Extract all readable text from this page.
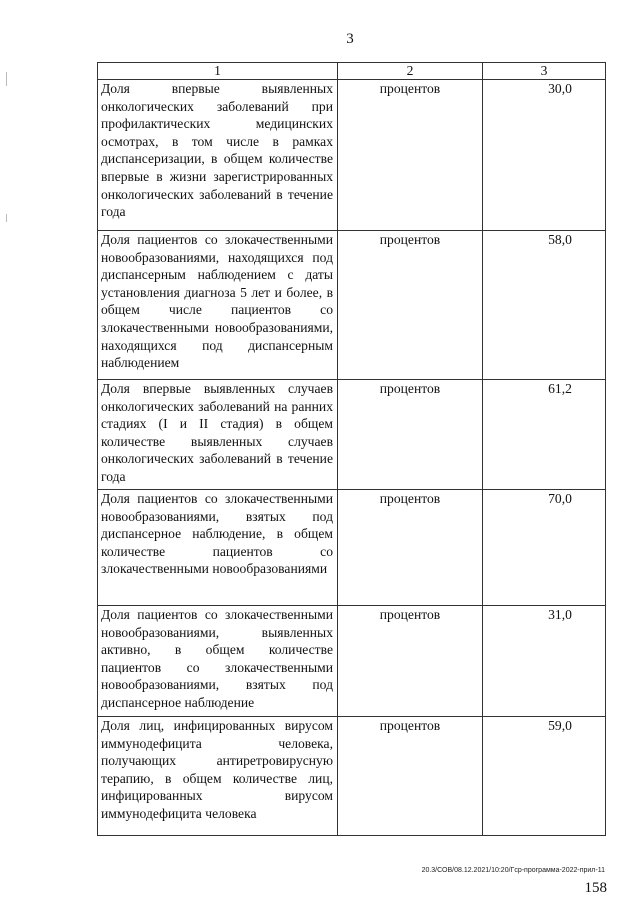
3
1	2	3
Доля впервые выявленных онкологических заболеваний при профилактических медицинских осмотрах, в том числе в рамках диспансеризации, в общем количестве впервые в жизни зарегистрированных онкологических заболеваний в течение года	процентов	30,0
Доля пациентов со злокачественными новообразованиями, находящихся под диспансерным наблюдением с даты установления диагноза 5 лет и более, в общем числе пациентов со злокачественными новообразованиями, находящихся под диспансерным наблюдением	процентов	58,0
Доля впервые выявленных случаев онкологических заболеваний на ранних стадиях (I и II стадия) в общем количестве выявленных случаев онкологических заболеваний в течение года	процентов	61,2
Доля пациентов со злокачественными новообразованиями, взятых под диспансерное наблюдение, в общем количестве пациентов со злокачественными новообразованиями	процентов	70,0
Доля пациентов со злокачественными новообразованиями, выявленных активно, в общем количестве пациентов со злокачественными новообразованиями, взятых под диспансерное наблюдение	процентов	31,0
Доля лиц, инфицированных вирусом иммунодефицита человека, получающих антиретровирусную терапию, в общем количестве лиц, инфицированных вирусом иммунодефицита человека	процентов	59,0
20.3/СОВ/08.12.2021/10:20/Гср-программа-2022-прил-11
158
